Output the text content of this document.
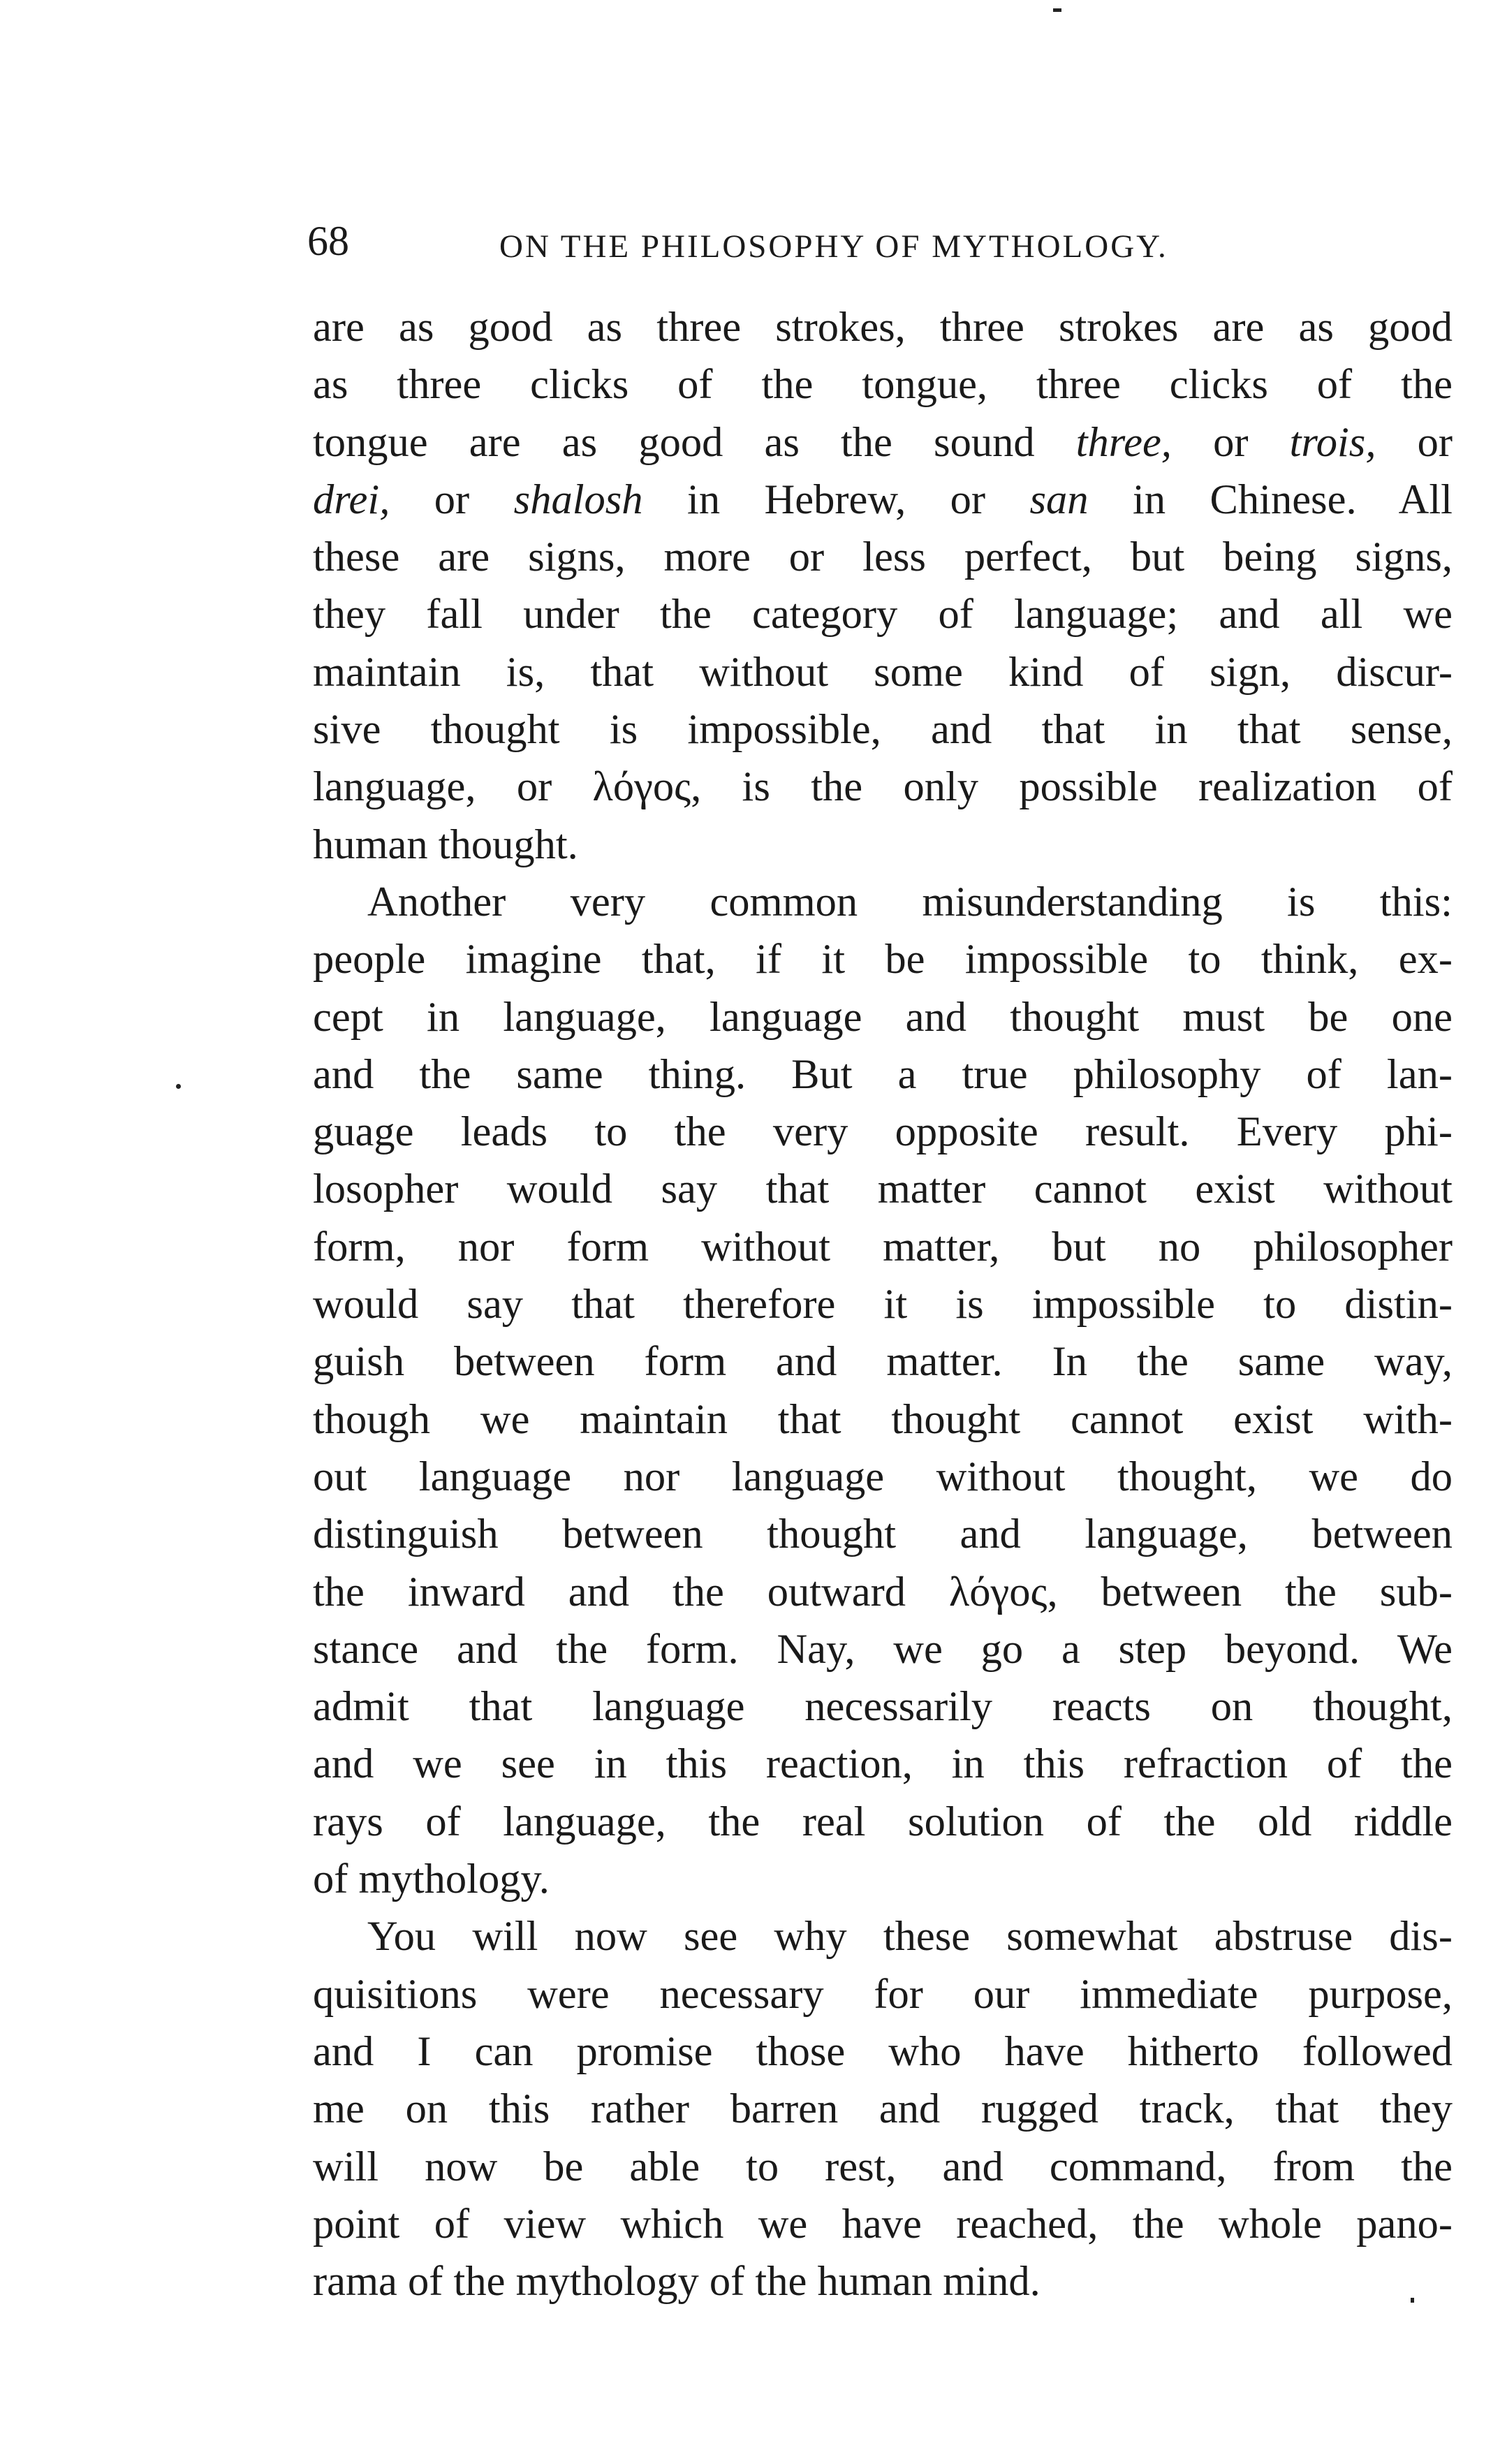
68	ON THE PHILOSOPHY OF MYTHOLOGY.
are as good as three strokes, three strokes are as good
as three clicks of the tongue, three clicks of the
tongue are as good as the sound three, or trois, or
drei, or shalosh in Hebrew, or san in Chinese. All
these are signs, more or less perfect, but being signs,
they fall under the category of language; and all we
maintain is, that without some kind of sign, discur-
sive thought is impossible, and that in that sense,
language, or λόγος, is the only possible realization of
human thought.
Another very common misunderstanding is this:
people imagine that, if it be impossible to think, ex-
cept in language, language and thought must be one
and the same thing. But a true philosophy of lan-
guage leads to the very opposite result. Every phi-
losopher would say that matter cannot exist without
form, nor form without matter, but no philosopher
would say that therefore it is impossible to distin-
guish between form and matter. In the same way,
though we maintain that thought cannot exist with-
out language nor language without thought, we do
distinguish between thought and language, between
the inward and the outward λόγος, between the sub-
stance and the form. Nay, we go a step beyond. We
admit that language necessarily reacts on thought,
and we see in this reaction, in this refraction of the
rays of language, the real solution of the old riddle
of mythology.
You will now see why these somewhat abstruse dis-
quisitions were necessary for our immediate purpose,
and I can promise those who have hitherto followed
me on this rather barren and rugged track, that they
will now be able to rest, and command, from the
point of view which we have reached, the whole pano-
rama of the mythology of the human mind.
